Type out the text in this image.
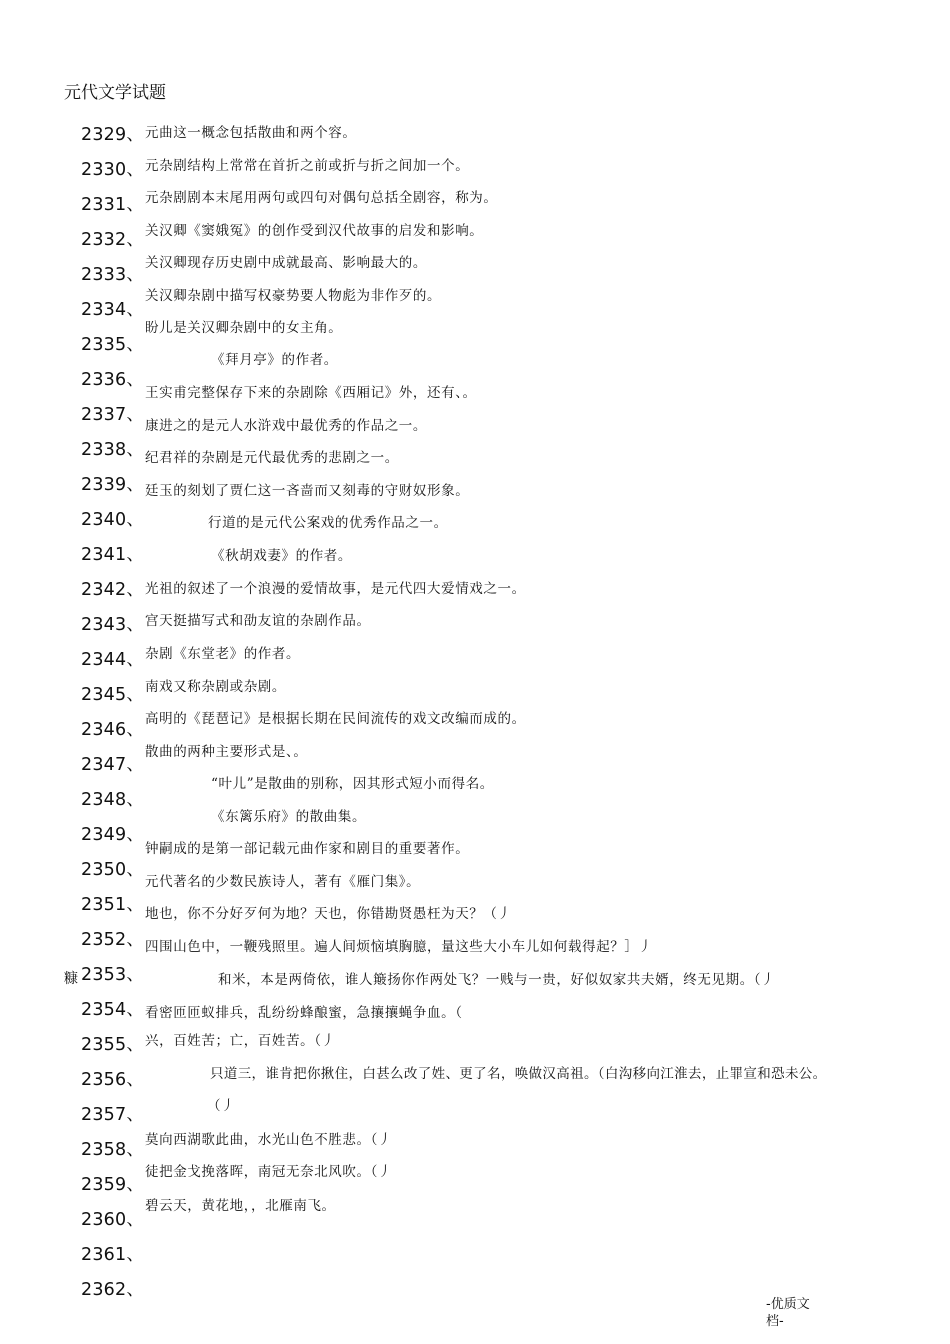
元代文学试题
2329、
2330、
2331、
2332、
2333、
2334、
2335、
2336、
2337、
2338、
2339、
2340、
2341、
2342、
2343、
2344、
2345、
2346、
2347、
2348、
2349、
2350、
2351、
2352、
2353、
2354、
2355、
2356、
2357、
2358、
2359、
2360、
2361、
2362、
糠
元曲这一概念包括散曲和两个容。
元杂剧结构上常常在首折之前或折与折之间加一个。
元杂剧剧本末尾用两句或四句对偶句总括全剧容，称为。
关汉卿《窦娥冤》的创作受到汉代故事的启发和影响。
关汉卿现存历史剧中成就最高、影响最大的。
关汉卿杂剧中描写权豪势要人物彪为非作歹的。
盼儿是关汉卿杂剧中的女主角。
《拜月亭》的作者。
王实甫完整保存下来的杂剧除《西厢记》外，还有、。
康进之的是元人水浒戏中最优秀的作品之一。
纪君祥的杂剧是元代最优秀的悲剧之一。
廷玉的刻划了贾仁这一吝啬而又刻毒的守财奴形象。
行道的是元代公案戏的优秀作品之一。
《秋胡戏妻》的作者。
光祖的叙述了一个浪漫的爱情故事，是元代四大爱情戏之一。
宫天挺描写式和劭友谊的杂剧作品。
杂剧《东堂老》的作者。
南戏又称杂剧或杂剧。
高明的《琵琶记》是根据长期在民间流传的戏文改编而成的。
散曲的两种主要形式是、。
“叶儿”是散曲的别称，因其形式短小而得名。
《东篱乐府》的散曲集。
钟嗣成的是第一部记载元曲作家和剧目的重要著作。
元代著名的少数民族诗人，著有《雁门集》。
地也，你不分好歹何为地？天也，你错勘贤愚枉为天？（丿
四围山色中，一鞭残照里。遍人间烦恼填胸臆，量这些大小车儿如何载得起？］丿
和米，本是两倚依，谁人簸扬你作两处飞？一贱与一贵，好似奴家共夫婿，终无见期。（丿
看密匝匝蚁排兵，乱纷纷蜂酿蜜，急攘攘蝇争血。（
兴，百姓苦；亡，百姓苦。（丿
只道三，谁肯把你揪住，白甚么改了姓、更了名，唤做汉高祖。（白沟移向江淮去，止罪宣和恐未公。
（丿
莫向西湖歌此曲，水光山色不胜悲。（丿
徒把金戈挽落晖，南冠无奈北风吹。（丿
碧云天，黄花地，，北雁南飞。
-优质文
档-
